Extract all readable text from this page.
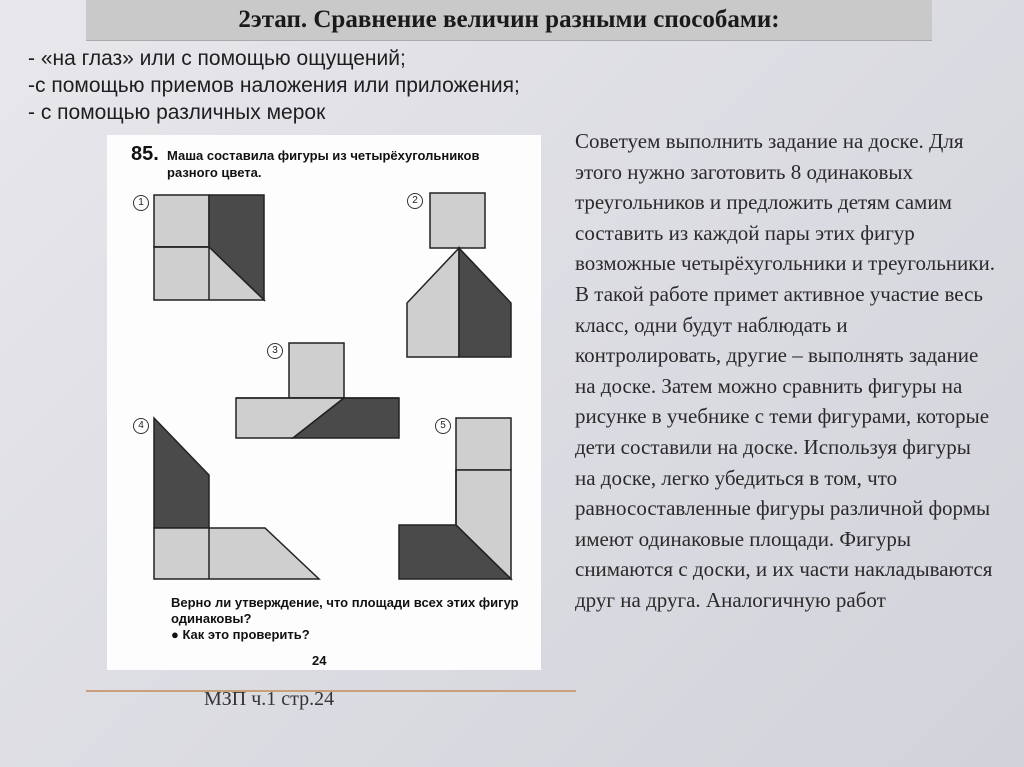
2этап. Сравнение величин разными способами:
- «на глаз» или с помощью ощущений;
-с помощью приемов наложения или приложения;
- с помощью различных мерок
85. Маша составила фигуры из четырёхугольников разного цвета.
1	2
3
4	5
Верно ли утверждение, что площади всех этих фигур одинаковы?
● Как это проверить?
24
МЗП ч.1 стр.24
Советуем выполнить задание на доске. Для этого нужно заготовить 8 одинаковых треугольников и предложить детям самим составить из каждой пары этих фигур возможные четырёхугольники и треугольники. В такой работе примет активное участие весь класс, одни будут наблюдать и контролировать, другие – выполнять задание на доске. Затем можно сравнить фигуры на рисунке в учебнике с теми фигурами, которые дети составили на доске. Используя фигуры на доске, легко убедиться в том, что равносоставленные фигуры различной формы имеют одинаковые площади. Фигуры снимаются с доски, и их части накладываются друг на друга. Аналогичную работ
